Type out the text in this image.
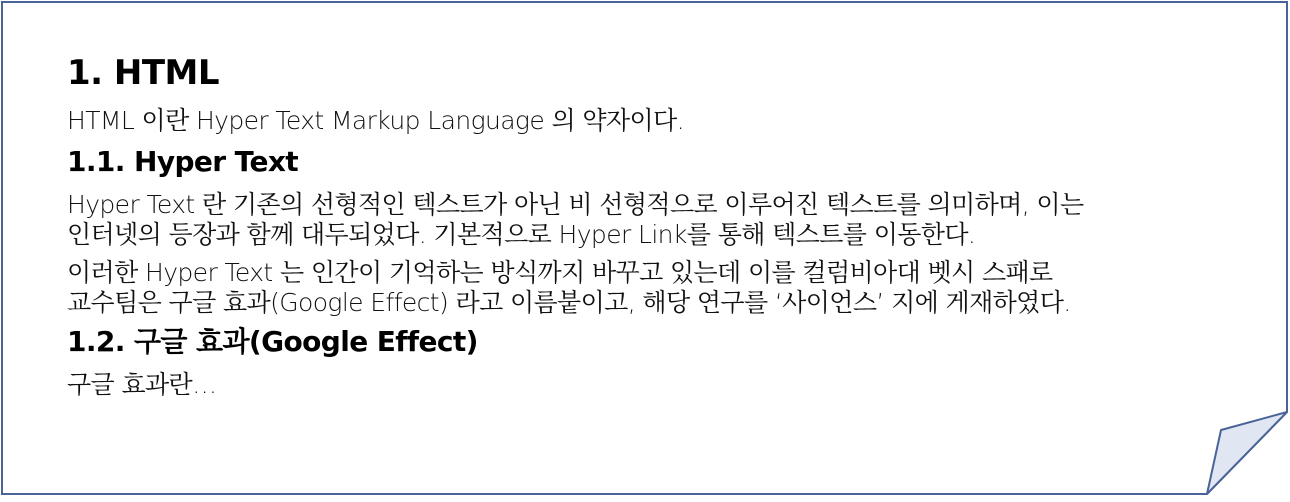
1. HTML

HTML 이란 Hyper Text Markup Language 의 약자이다.

1.1. Hyper Text

Hyper Text 란 기존의 선형적인 텍스트가 아닌 비 선형적으로 이루어진 텍스트를 의미하며, 이는
인터넷의 등장과 함께 대두되었다. 기본적으로 Hyper Link를 통해 텍스트를 이동한다.

이러한 Hyper Text 는 인간이 기억하는 방식까지 바꾸고 있는데 이를 컬럼비아대 벳시 스패로
교수팀은 구글 효과(Google Effect) 라고 이름붙이고, 해당 연구를 ‘사이언스’ 지에 게재하였다.

1.2. 구글 효과(Google Effect)

구글 효과란…
